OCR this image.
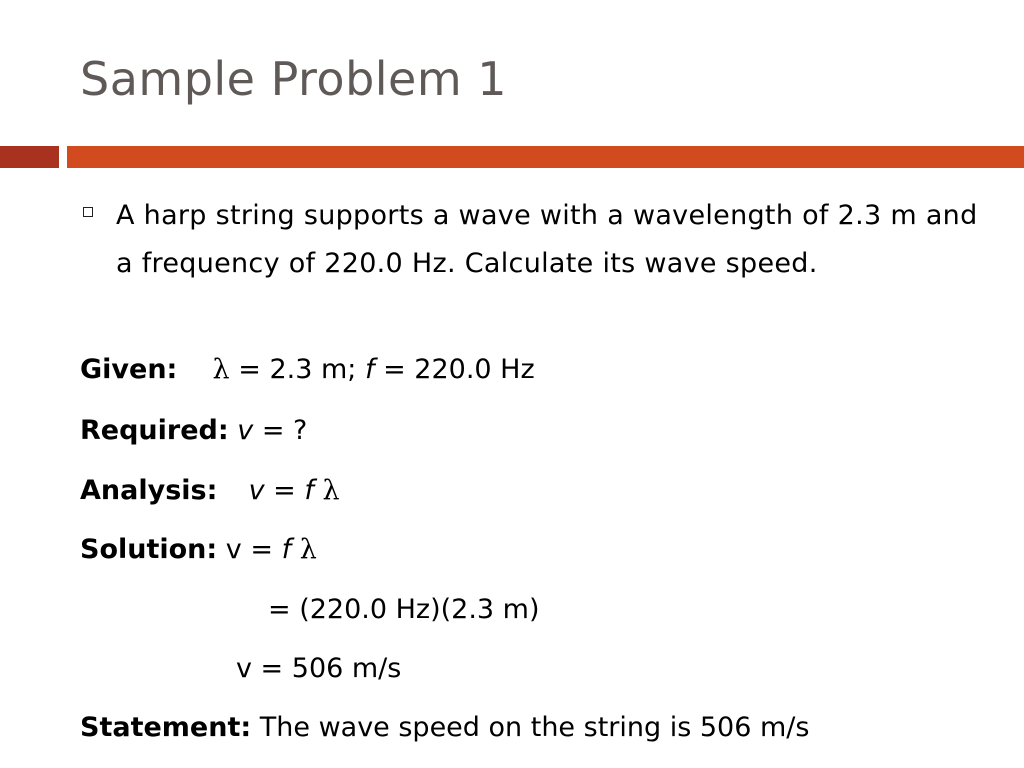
Sample Problem 1
A harp string supports a wave with a wavelength of 2.3 m and a frequency of 220.0 Hz. Calculate its wave speed.
Given: λ = 2.3 m; f = 220.0 Hz
Required: v = ?
Analysis: v = f λ
Solution: v = f λ
= (220.0 Hz)(2.3 m)
v = 506 m/s
Statement: The wave speed on the string is 506 m/s
